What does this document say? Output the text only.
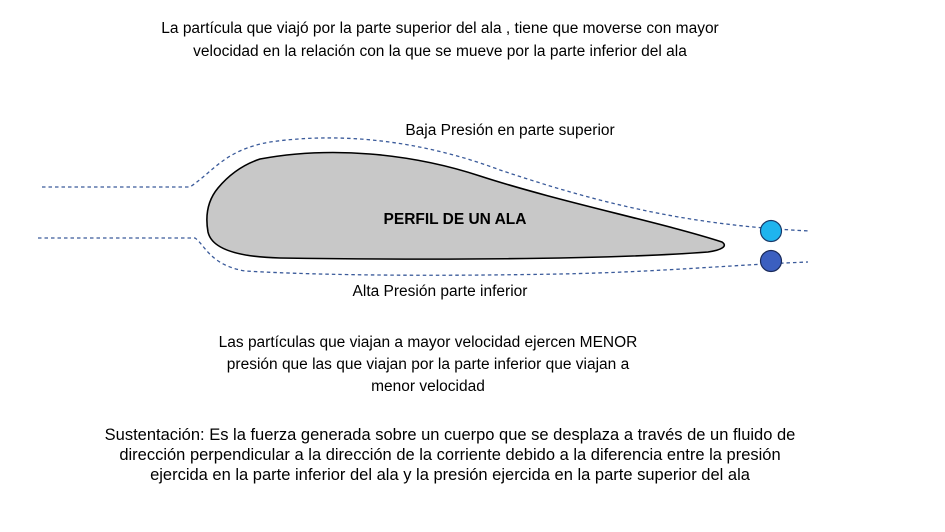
La partícula que viajó por la parte superior del ala , tiene que moverse con mayor
velocidad en la relación con la que se mueve por la parte inferior del ala

Baja Presión en parte superior

PERFIL DE UN ALA

Alta Presión parte inferior

Las partículas que viajan a mayor velocidad ejercen MENOR
presión que las que viajan por la parte inferior que viajan a
menor velocidad

Sustentación: Es la fuerza generada sobre un cuerpo que se desplaza a través de un fluido de
dirección perpendicular a la dirección de la corriente debido a la diferencia entre la presión
ejercida en la parte inferior del ala y la presión ejercida en la parte superior del ala
